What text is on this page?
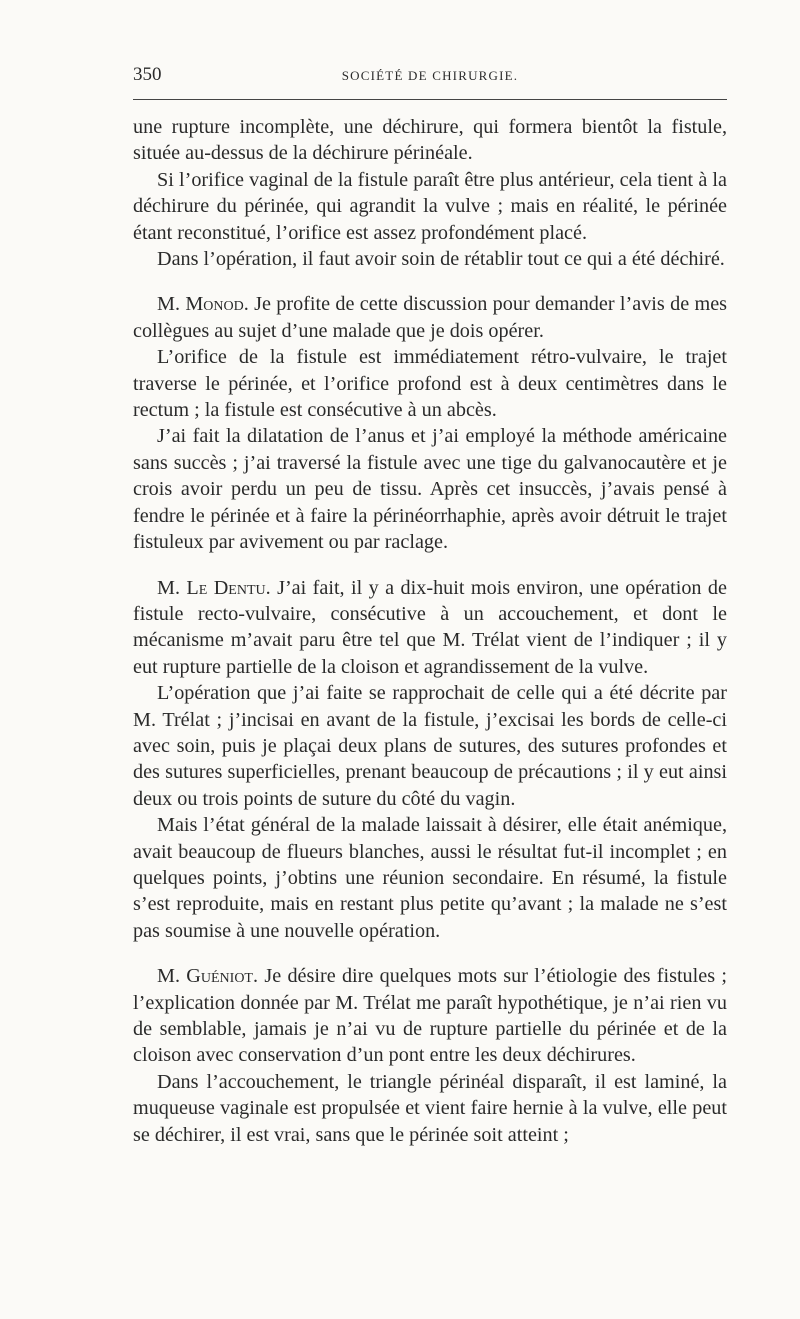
350	SOCIÉTÉ DE CHIRURGIE.

une rupture incomplète, une déchirure, qui formera bientôt la fistule, située au-dessus de la déchirure périnéale.

Si l’orifice vaginal de la fistule paraît être plus antérieur, cela tient à la déchirure du périnée, qui agrandit la vulve ; mais en réalité, le périnée étant reconstitué, l’orifice est assez profondément placé.

Dans l’opération, il faut avoir soin de rétablir tout ce qui a été déchiré.

M. Monod. Je profite de cette discussion pour demander l’avis de mes collègues au sujet d’une malade que je dois opérer.

L’orifice de la fistule est immédiatement rétro-vulvaire, le trajet traverse le périnée, et l’orifice profond est à deux centimètres dans le rectum ; la fistule est consécutive à un abcès.

J’ai fait la dilatation de l’anus et j’ai employé la méthode américaine sans succès ; j’ai traversé la fistule avec une tige du galvanocautère et je crois avoir perdu un peu de tissu. Après cet insuccès, j’avais pensé à fendre le périnée et à faire la périnéorrhaphie, après avoir détruit le trajet fistuleux par avivement ou par raclage.

M. Le Dentu. J’ai fait, il y a dix-huit mois environ, une opération de fistule recto-vulvaire, consécutive à un accouchement, et dont le mécanisme m’avait paru être tel que M. Trélat vient de l’indiquer ; il y eut rupture partielle de la cloison et agrandissement de la vulve.

L’opération que j’ai faite se rapprochait de celle qui a été décrite par M. Trélat ; j’incisai en avant de la fistule, j’excisai les bords de celle-ci avec soin, puis je plaçai deux plans de sutures, des sutures profondes et des sutures superficielles, prenant beaucoup de précautions ; il y eut ainsi deux ou trois points de suture du côté du vagin.

Mais l’état général de la malade laissait à désirer, elle était anémique, avait beaucoup de flueurs blanches, aussi le résultat fut-il incomplet ; en quelques points, j’obtins une réunion secondaire. En résumé, la fistule s’est reproduite, mais en restant plus petite qu’avant ; la malade ne s’est pas soumise à une nouvelle opération.

M. Guéniot. Je désire dire quelques mots sur l’étiologie des fistules ; l’explication donnée par M. Trélat me paraît hypothétique, je n’ai rien vu de semblable, jamais je n’ai vu de rupture partielle du périnée et de la cloison avec conservation d’un pont entre les deux déchirures.

Dans l’accouchement, le triangle périnéal disparaît, il est laminé, la muqueuse vaginale est propulsée et vient faire hernie à la vulve, elle peut se déchirer, il est vrai, sans que le périnée soit atteint ;
